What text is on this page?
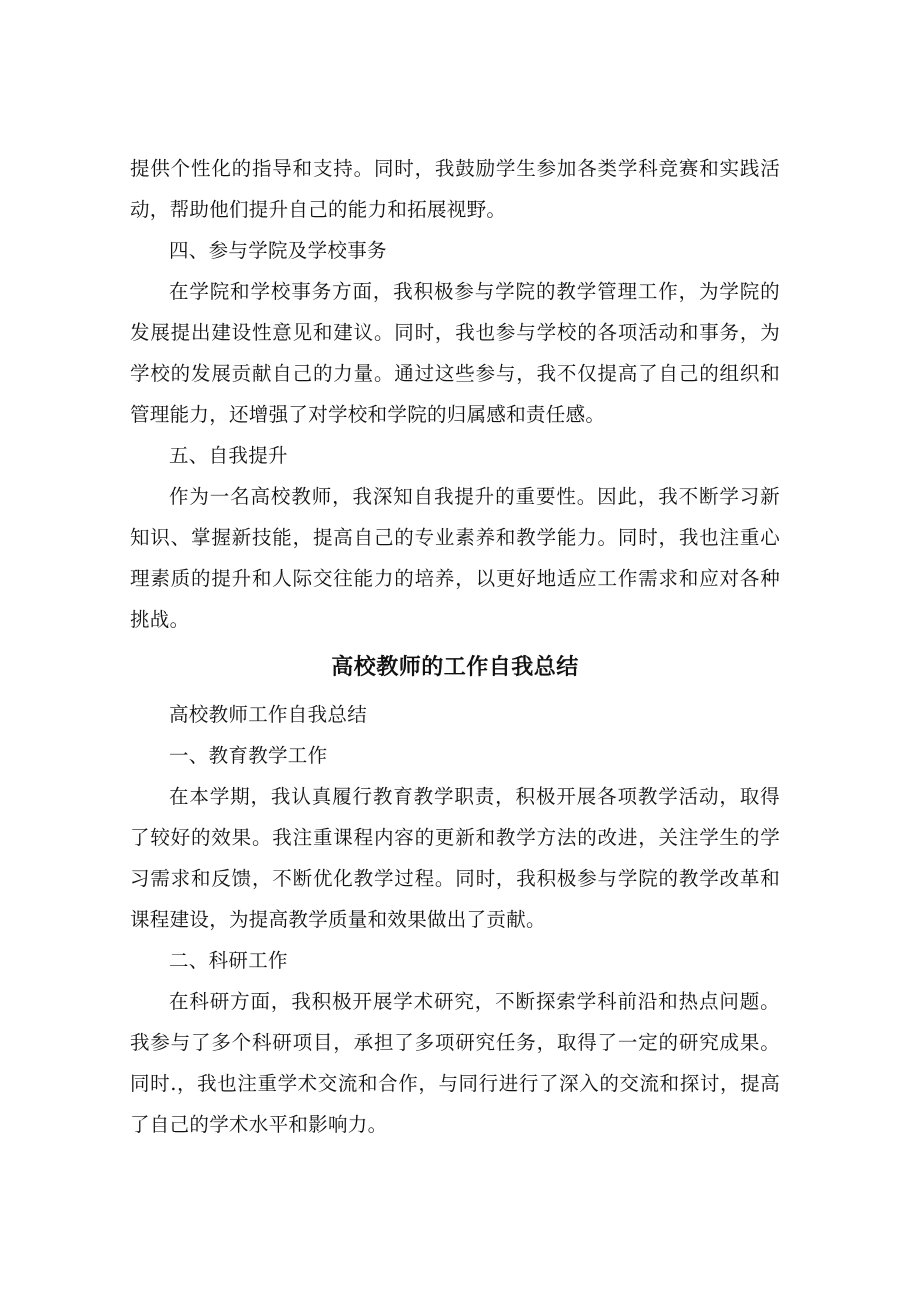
提供个性化的指导和支持。同时，我鼓励学生参加各类学科竞赛和实践活动，帮助他们提升自己的能力和拓展视野。

四、参与学院及学校事务

在学院和学校事务方面，我积极参与学院的教学管理工作，为学院的发展提出建设性意见和建议。同时，我也参与学校的各项活动和事务，为学校的发展贡献自己的力量。通过这些参与，我不仅提高了自己的组织和管理能力，还增强了对学校和学院的归属感和责任感。

五、自我提升

作为一名高校教师，我深知自我提升的重要性。因此，我不断学习新知识、掌握新技能，提高自己的专业素养和教学能力。同时，我也注重心理素质的提升和人际交往能力的培养，以更好地适应工作需求和应对各种挑战。

高校教师的工作自我总结

高校教师工作自我总结

一、教育教学工作

在本学期，我认真履行教育教学职责，积极开展各项教学活动，取得了较好的效果。我注重课程内容的更新和教学方法的改进，关注学生的学习需求和反馈，不断优化教学过程。同时，我积极参与学院的教学改革和课程建设，为提高教学质量和效果做出了贡献。

二、科研工作

在科研方面，我积极开展学术研究，不断探索学科前沿和热点问题。我参与了多个科研项目，承担了多项研究任务，取得了一定的研究成果。同时.，我也注重学术交流和合作，与同行进行了深入的交流和探讨，提高了自己的学术水平和影响力。
